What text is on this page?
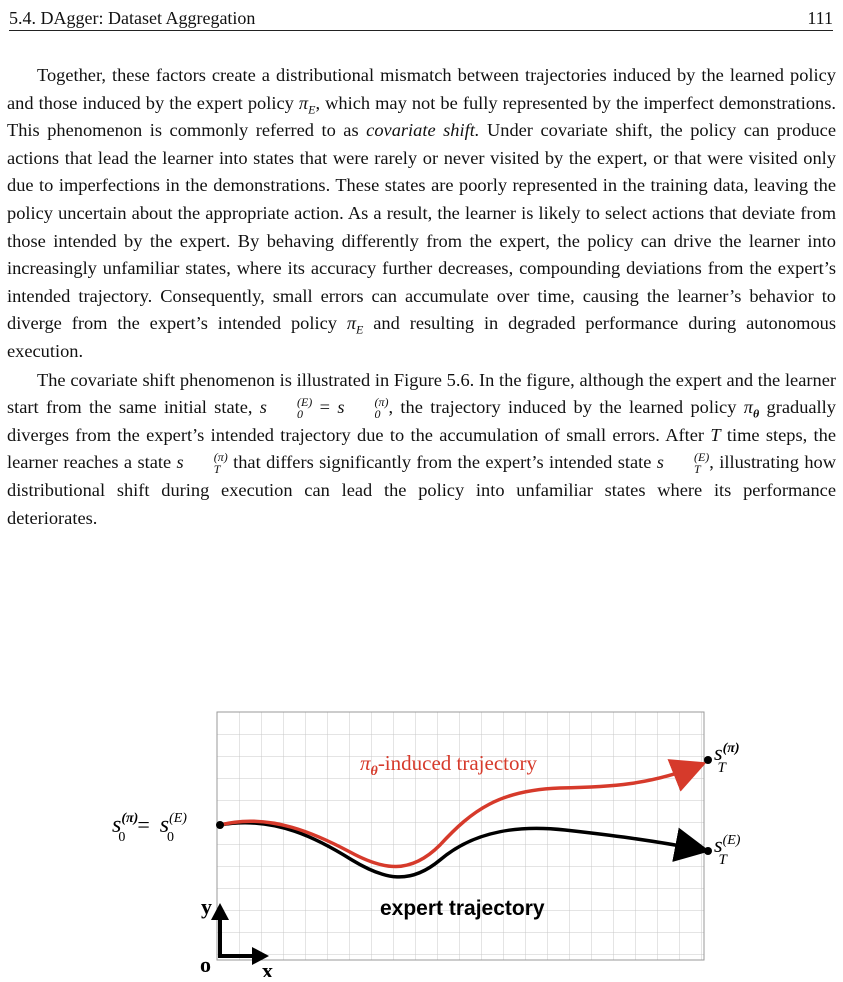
5.4. DAgger: Dataset Aggregation	111

Together, these factors create a distributional mismatch between trajectories induced by the learned policy and those induced by the expert policy $\pi_E$, which may not be fully represented by the imperfect demonstrations. This phenomenon is commonly referred to as covariate shift. Under covariate shift, the policy can produce actions that lead the learner into states that were rarely or never visited by the expert, or that were visited only due to imperfections in the demonstrations. These states are poorly represented in the training data, leaving the policy uncertain about the appropriate action. As a result, the learner is likely to select actions that deviate from those intended by the expert. By behaving differently from the expert, the policy can drive the learner into increasingly unfamiliar states, where its accuracy further decreases, compounding deviations from the expert’s intended trajectory. Consequently, small errors can accumulate over time, causing the learner’s behavior to diverge from the expert’s intended policy $\pi_E$ and resulting in degraded performance during autonomous execution.

The covariate shift phenomenon is illustrated in Figure 5.6. In the figure, although the expert and the learner start from the same initial state, s	(E)
0 = s	(π)
0 , the trajectory induced by the learned policy $\pi_\theta$ gradually diverges from the expert’s intended trajectory due to the accumulation of small errors. After T time steps, the learner reaches a state s	(π)
T that differs significantly from the expert’s intended state s	(E)
T , illustrating how distributional shift during execution can lead the policy into unfamiliar states where its performance deteriorates.

$\pi_\theta$-induced trajectory
expert trajectory
$s^{(\pi)}$ $0 = s^{(E)}$ 0
$s^{(\pi)}$ T
$s^{(E)}$ T
y
o x
